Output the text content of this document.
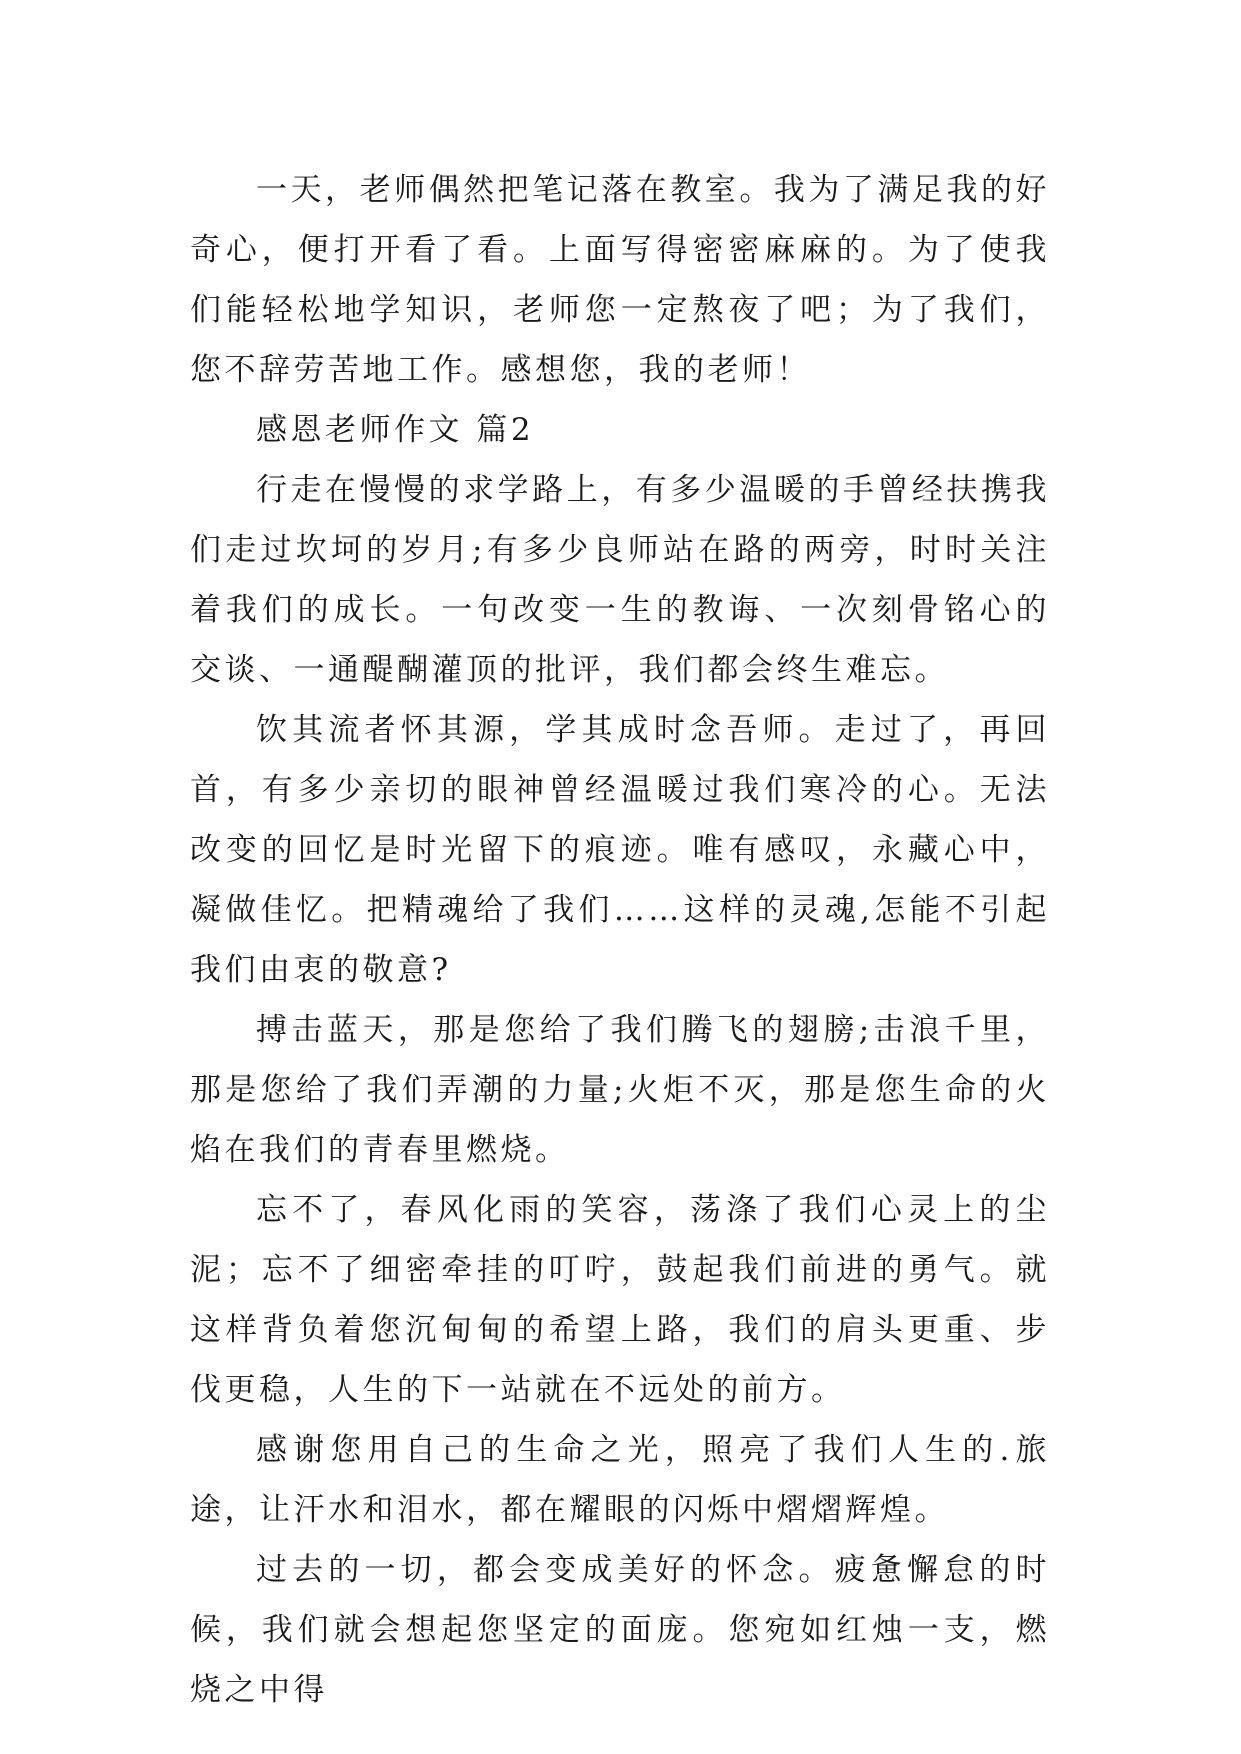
一天，老师偶然把笔记落在教室。我为了满足我的好奇心，便打开看了看。上面写得密密麻麻的。为了使我们能轻松地学知识，老师您一定熬夜了吧；为了我们，您不辞劳苦地工作。感想您，我的老师！

感恩老师作文 篇2

行走在慢慢的求学路上，有多少温暖的手曾经扶携我们走过坎坷的岁月;有多少良师站在路的两旁，时时关注着我们的成长。一句改变一生的教诲、一次刻骨铭心的交谈、一通醍醐灌顶的批评，我们都会终生难忘。

饮其流者怀其源，学其成时念吾师。走过了，再回首，有多少亲切的眼神曾经温暖过我们寒冷的心。无法改变的回忆是时光留下的痕迹。唯有感叹，永藏心中，凝做佳忆。把精魂给了我们……这样的灵魂,怎能不引起我们由衷的敬意?

搏击蓝天，那是您给了我们腾飞的翅膀;击浪千里，那是您给了我们弄潮的力量;火炬不灭，那是您生命的火焰在我们的青春里燃烧。

忘不了，春风化雨的笑容，荡涤了我们心灵上的尘泥；忘不了细密牵挂的叮咛，鼓起我们前进的勇气。就这样背负着您沉甸甸的希望上路，我们的肩头更重、步伐更稳，人生的下一站就在不远处的前方。

感谢您用自己的生命之光，照亮了我们人生的.旅途，让汗水和泪水，都在耀眼的闪烁中熠熠辉煌。

过去的一切，都会变成美好的怀念。疲惫懈怠的时候，我们就会想起您坚定的面庞。您宛如红烛一支，燃烧之中得
